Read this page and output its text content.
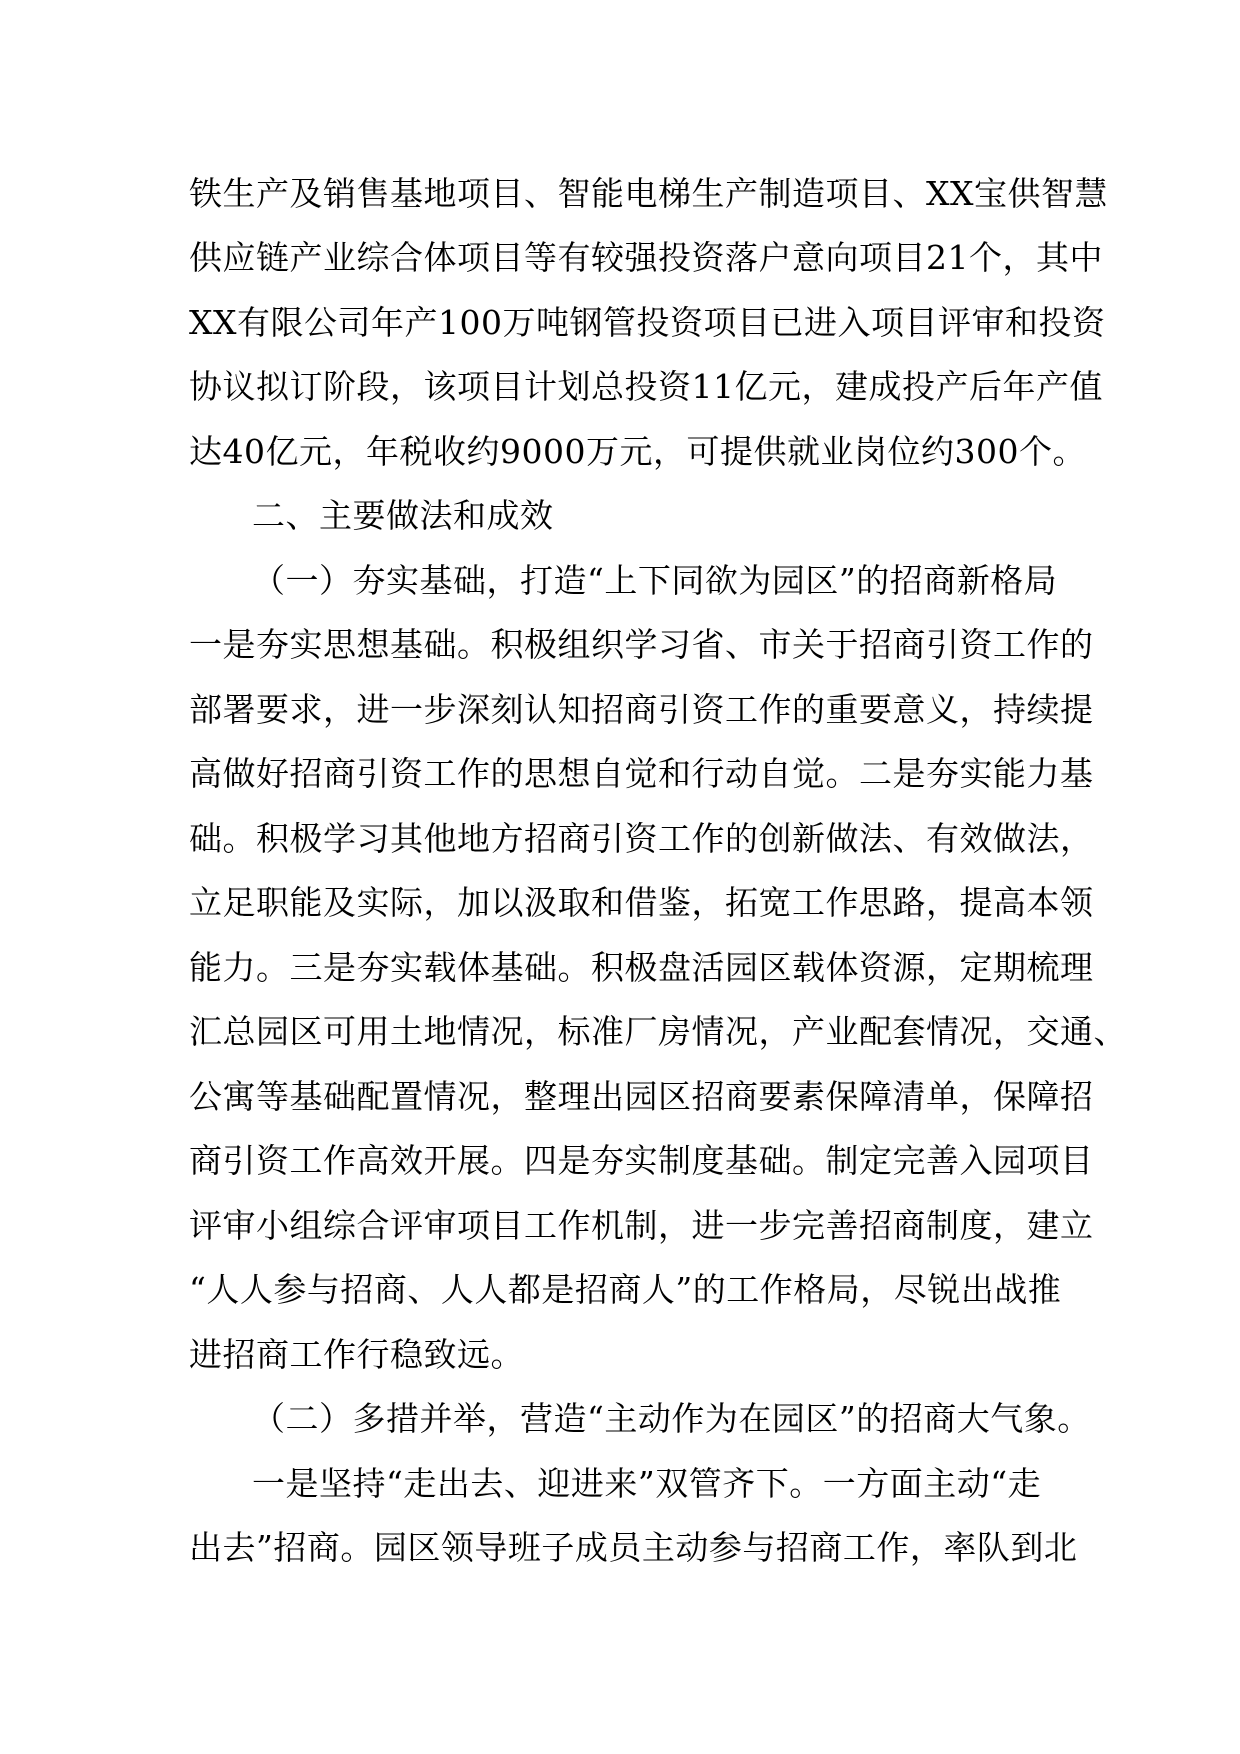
铁生产及销售基地项目、智能电梯生产制造项目、XX宝供智慧
供应链产业综合体项目等有较强投资落户意向项目21个，其中
XX有限公司年产100万吨钢管投资项目已进入项目评审和投资
协议拟订阶段，该项目计划总投资11亿元，建成投产后年产值
达40亿元，年税收约9000万元，可提供就业岗位约300个。
二、主要做法和成效
（一）夯实基础，打造“上下同欲为园区”的招商新格局
一是夯实思想基础。积极组织学习省、市关于招商引资工作的
部署要求，进一步深刻认知招商引资工作的重要意义，持续提
高做好招商引资工作的思想自觉和行动自觉。二是夯实能力基
础。积极学习其他地方招商引资工作的创新做法、有效做法，
立足职能及实际，加以汲取和借鉴，拓宽工作思路，提高本领
能力。三是夯实载体基础。积极盘活园区载体资源，定期梳理
汇总园区可用土地情况，标准厂房情况，产业配套情况，交通、
公寓等基础配置情况，整理出园区招商要素保障清单，保障招
商引资工作高效开展。四是夯实制度基础。制定完善入园项目
评审小组综合评审项目工作机制，进一步完善招商制度，建立
“人人参与招商、人人都是招商人”的工作格局，尽锐出战推
进招商工作行稳致远。
（二）多措并举，营造“主动作为在园区”的招商大气象。
一是坚持“走出去、迎进来”双管齐下。一方面主动“走
出去”招商。园区领导班子成员主动参与招商工作，率队到北
